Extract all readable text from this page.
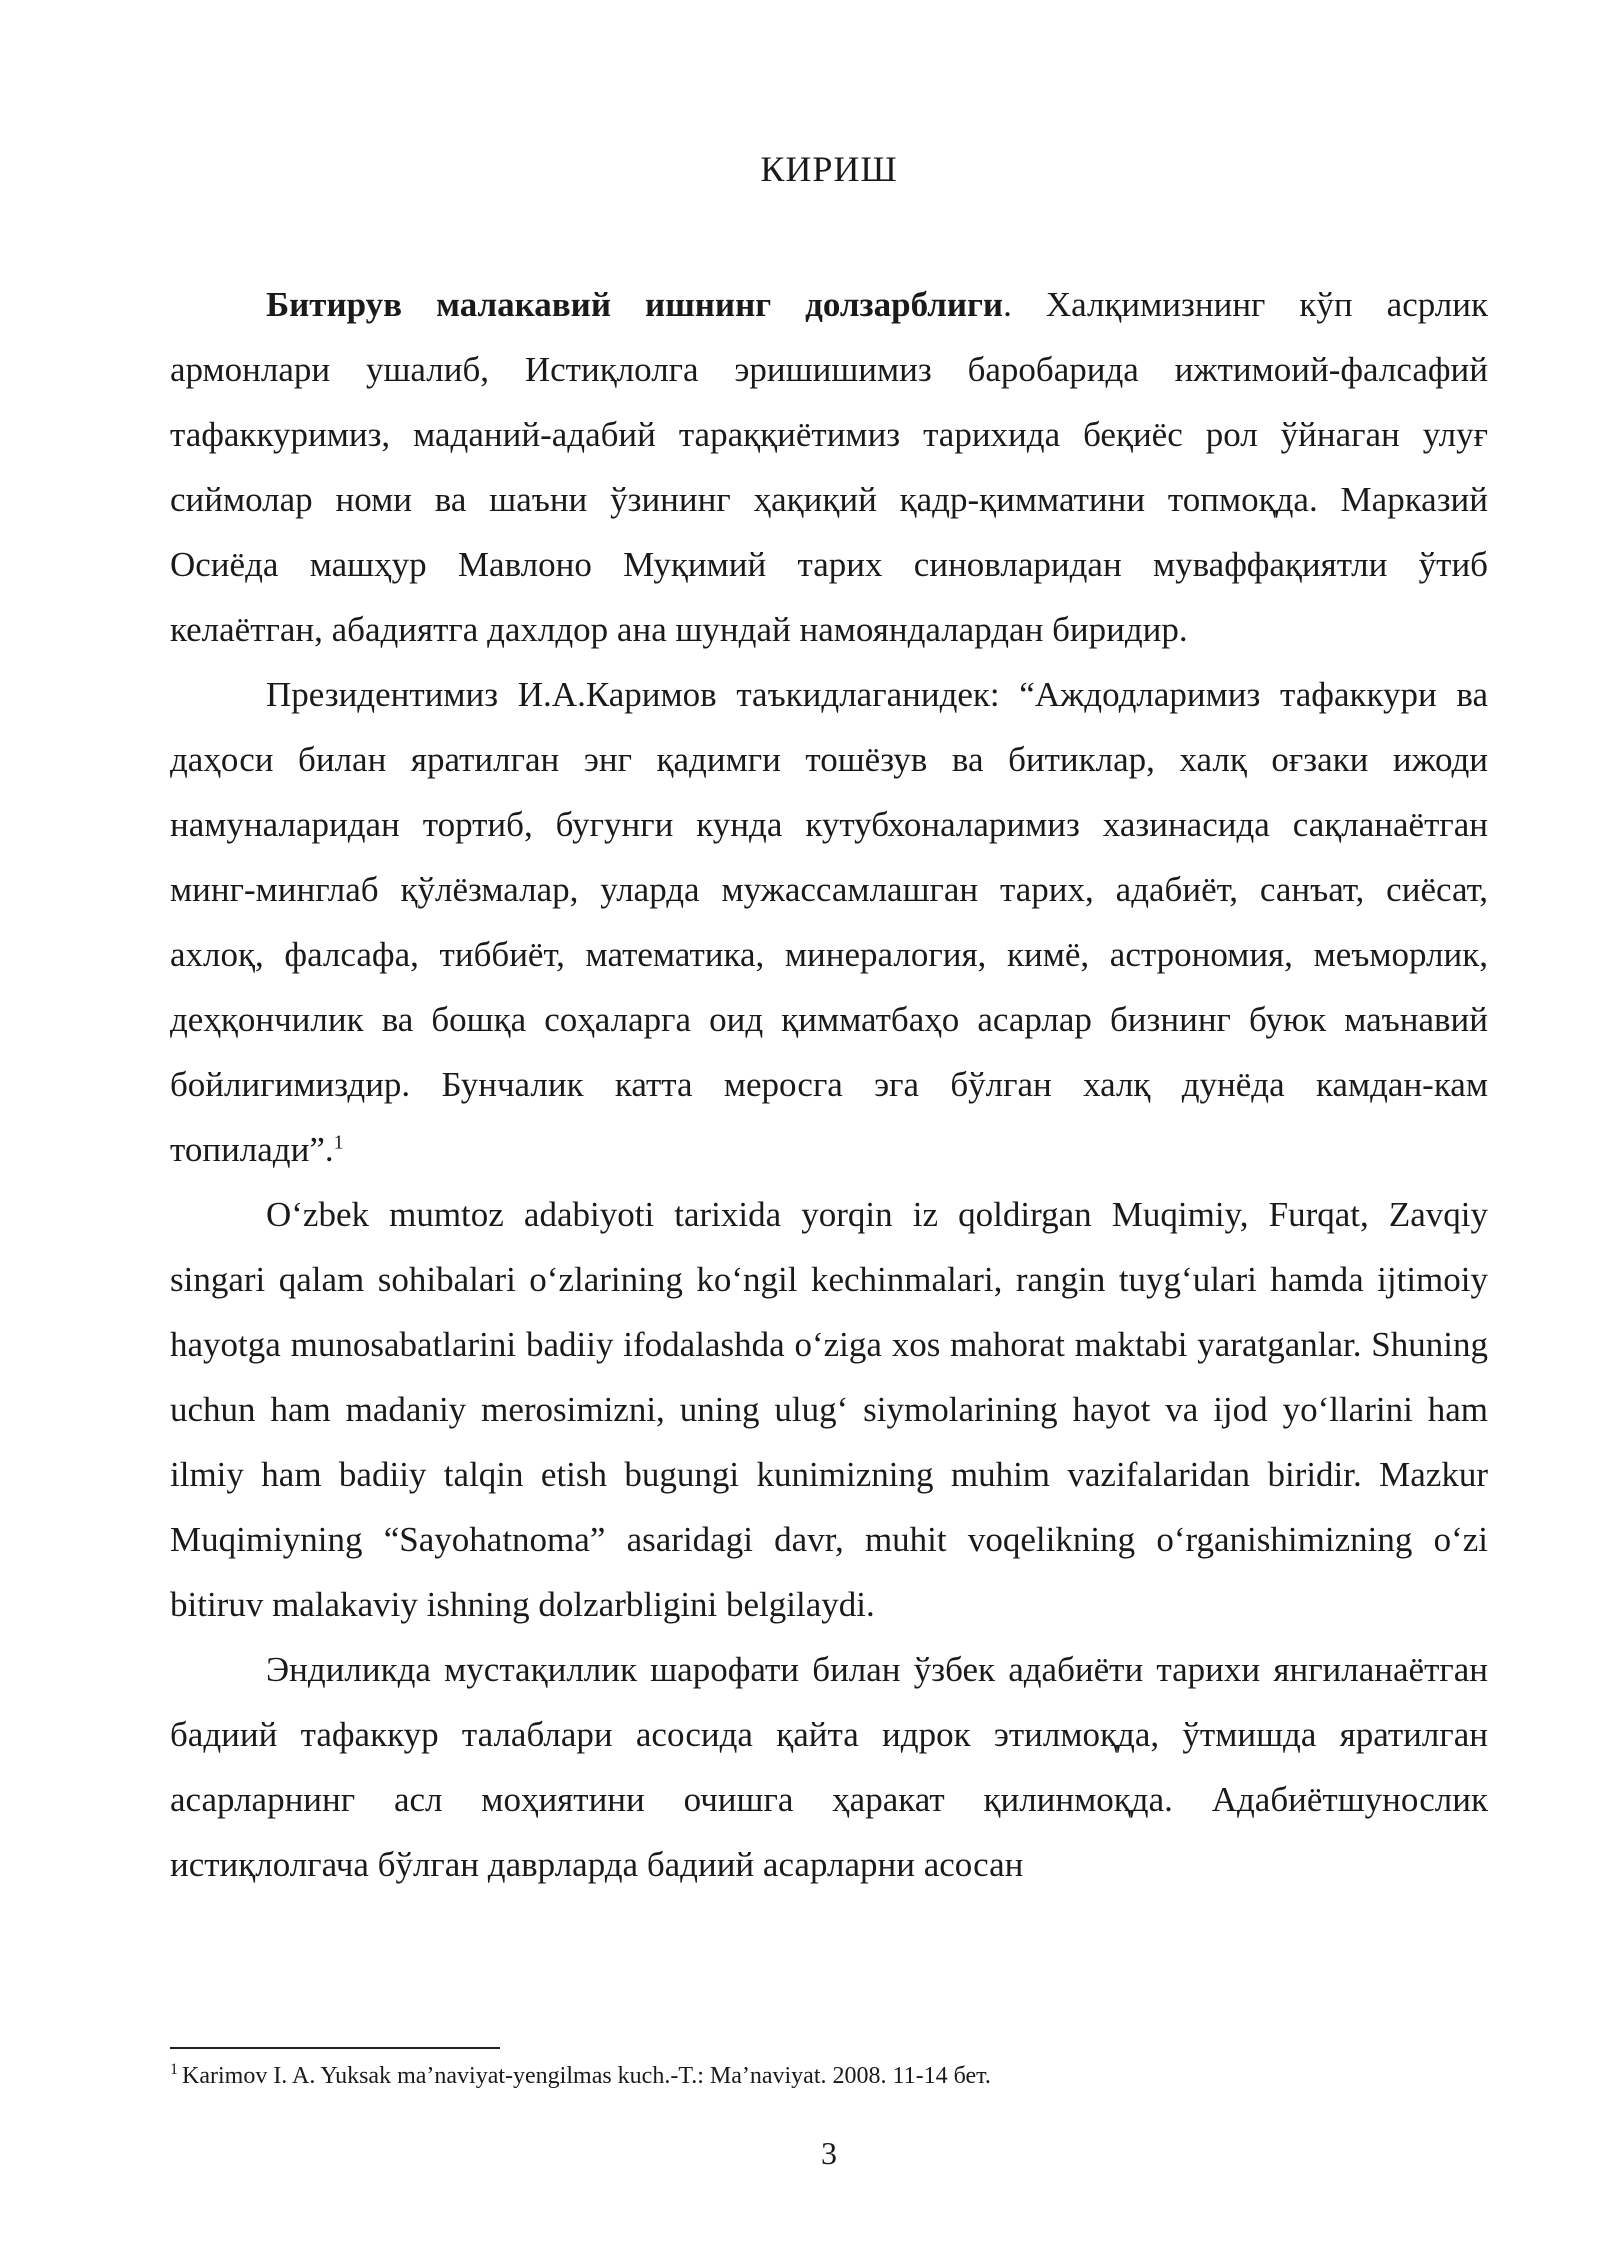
КИРИШ

Битирув малакавий ишнинг долзарблиги. Халқимизнинг кўп асрлик армонлари ушалиб, Истиқлолга эришишимиз баробарида ижтимоий-фалсафий тафаккуримиз, маданий-адабий тараққиётимиз тарихида беқиёс рол ўйнаган улуғ сиймолар номи ва шаъни ўзининг ҳақиқий қадр-қимматини топмоқда. Марказий Осиёда машҳур Мавлоно Муқимий тарих синовларидан муваффақиятли ўтиб келаётган, абадиятга дахлдор ана шундай намояндалардан биридир.

Президентимиз И.А.Каримов таъкидлаганидек: “Аждодларимиз тафаккури ва даҳоси билан яратилган энг қадимги тошёзув ва битиклар, халқ оғзаки ижоди намуналаридан тортиб, бугунги кунда кутубхоналаримиз хазинасида сақланаётган минг-минглаб қўлёзмалар, уларда мужассамлашган тарих, адабиёт, санъат, сиёсат, ахлоқ, фалсафа, тиббиёт, математика, минералогия, кимё, астрономия, меъморлик, деҳқончилик ва бошқа соҳаларга оид қимматбаҳо асарлар бизнинг буюк маънавий бойлигимиздир. Бунчалик катта меросга эга бўлган халқ дунёда камдан-кам топилади”.$^1$

Oʻzbek mumtoz adabiyoti tarixida yorqin iz qoldirgan Muqimiy, Furqat, Zavqiy singari qalam sohibalari oʻzlarining koʻngil kechinmalari, rangin tuygʻulari hamda ijtimoiy hayotga munosabatlarini badiiy ifodalashda oʻziga xos mahorat maktabi yaratganlar. Shuning uchun ham madaniy merosimizni, uning ulugʻ siymolarining hayot va ijod yoʻllarini ham ilmiy ham badiiy talqin etish bugungi kunimizning muhim vazifalaridan biridir. Mazkur Muqimiyning “Sayohatnoma” asaridagi davr, muhit voqelikning oʻrganishimizning oʻzi bitiruv malakaviy ishning dolzarbligini belgilaydi.

Эндиликда мустақиллик шарофати билан ўзбек адабиёти тарихи янгиланаётган бадиий тафаккур талаблари асосида қайта идрок этилмоқда, ўтмишда яратилган асарларнинг асл моҳиятини очишга ҳаракат қилинмоқда. Адабиётшунослик истиқлолгача бўлган даврларда бадиий асарларни асосан

$^1$ Karimov I. A. Yuksak ma’naviyat-yengilmas kuch.-T.: Ma’naviyat. 2008. 11-14 бет.
3
